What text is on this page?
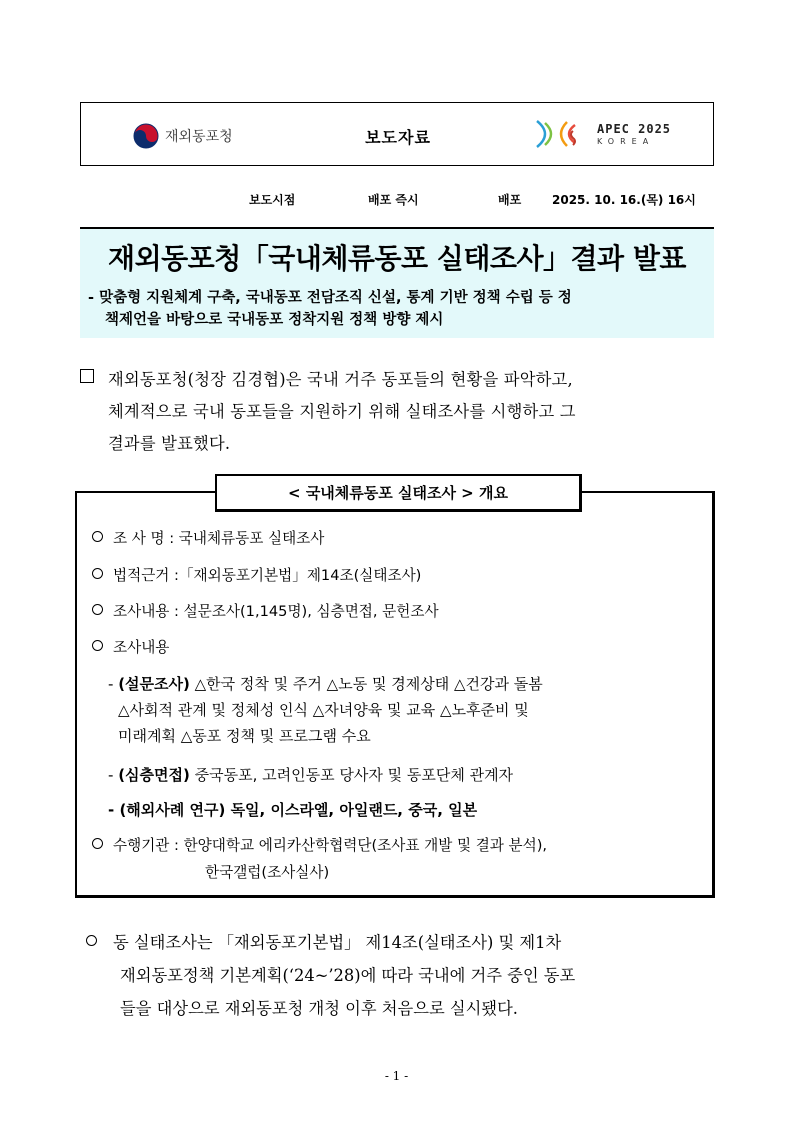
재외동포청	보도자료	APEC 2025
KOREA
보도시점	배포 즉시	배포	2025. 10. 16.(목) 16시
재외동포청「국내체류동포 실태조사」결과 발표
- 맞춤형 지원체계 구축, 국내동포 전담조직 신설, 통계 기반 정책 수립 등 정
책제언을 바탕으로 국내동포 정착지원 정책 방향 제시
재외동포청(청장 김경협)은 국내 거주 동포들의 현황을 파악하고,
체계적으로 국내 동포들을 지원하기 위해 실태조사를 시행하고 그
결과를 발표했다.
< 국내체류동포 실태조사 > 개요
조 사 명 : 국내체류동포 실태조사
법적근거 :「재외동포기본법」제14조(실태조사)
조사내용 : 설문조사(1,145명), 심층면접, 문헌조사
조사내용
- (설문조사) △한국 정착 및 주거 △노동 및 경제상태 △건강과 돌봄
△사회적 관계 및 정체성 인식 △자녀양육 및 교육 △노후준비 및
미래계획 △동포 정책 및 프로그램 수요
- (심층면접) 중국동포, 고려인동포 당사자 및 동포단체 관계자
- (해외사례 연구) 독일, 이스라엘, 아일랜드, 중국, 일본
수행기관 : 한양대학교 에리카산학협력단(조사표 개발 및 결과 분석),
한국갤럽(조사실사)
동 실태조사는 「재외동포기본법」 제14조(실태조사) 및 제1차
재외동포정책 기본계획(‘24~’28)에 따라 국내에 거주 중인 동포
들을 대상으로 재외동포청 개청 이후 처음으로 실시됐다.
- 1 -
